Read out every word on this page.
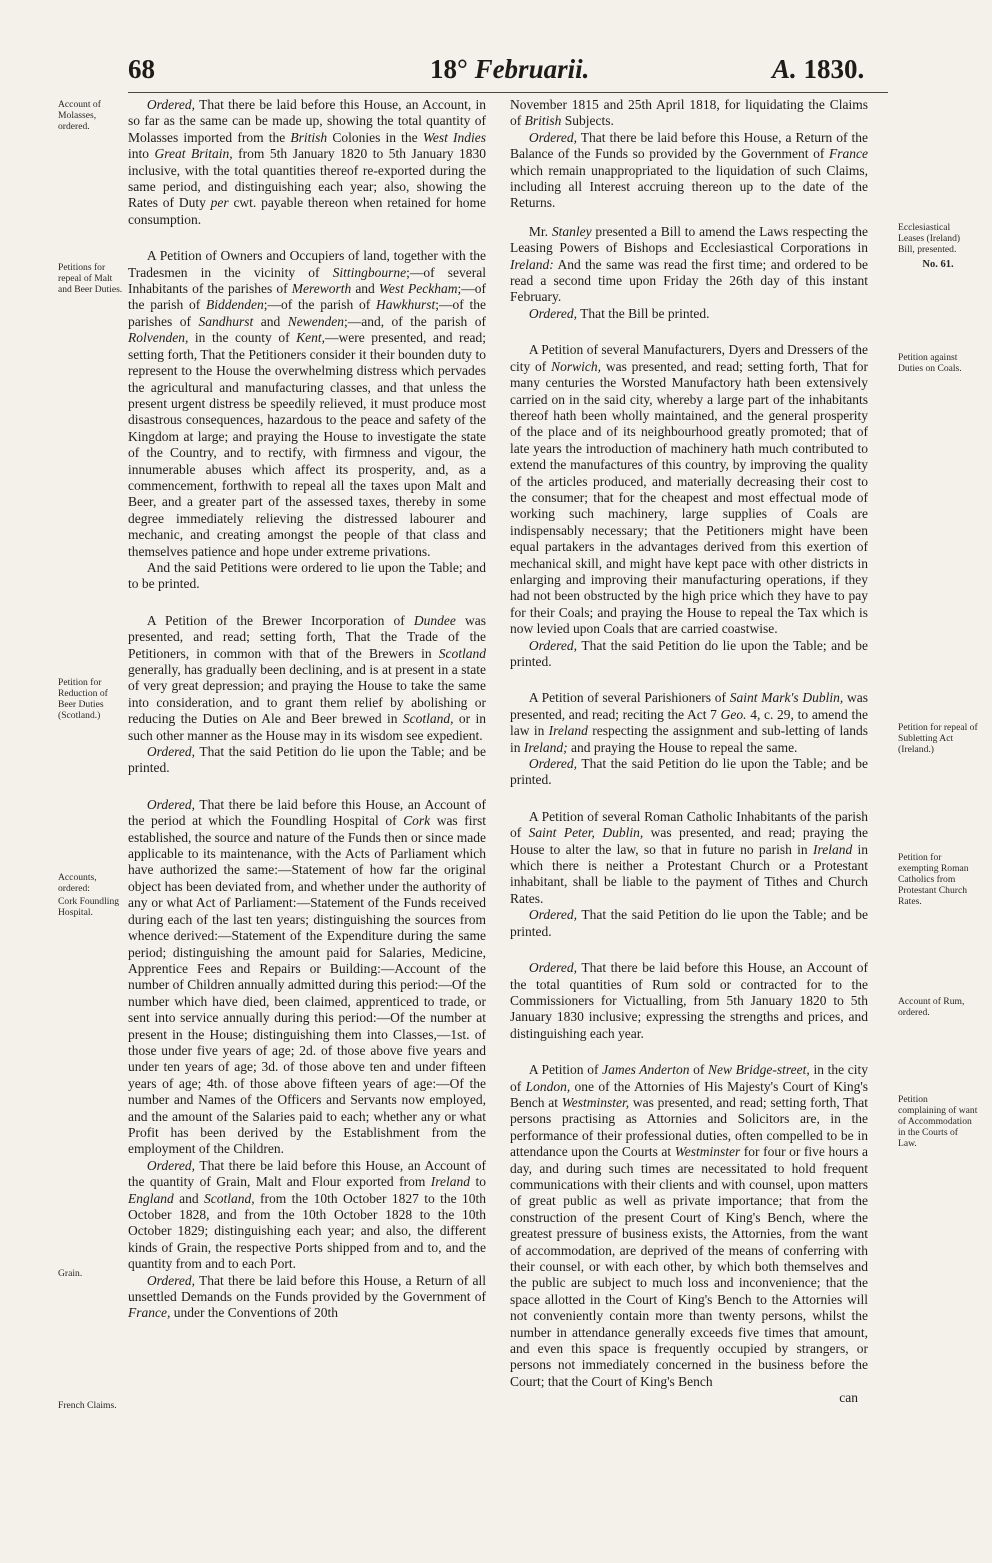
68	18° Februarii.	A. 1830.
Account of Molasses, ordered.
Petitions for repeal of Malt and Beer Duties.
Petition for Reduction of Beer Duties (Scotland.)
Accounts, ordered:
Cork Foundling Hospital.
Grain.
French Claims.
Ecclesiastical Leases (Ireland) Bill, presented.
No. 61.
Petition against Duties on Coals.
Petition for repeal of Subletting Act (Ireland.)
Petition for exempting Roman Catholics from Protestant Church Rates.
Account of Rum, ordered.
Petition complaining of want of Accommodation in the Courts of Law.

Ordered, That there be laid before this House, an Account, in so far as the same can be made up, showing the total quantity of Molasses imported from the British Colonies in the West Indies into Great Britain, from 5th January 1820 to 5th January 1830 inclusive, with the total quantities thereof re-exported during the same period, and distinguishing each year; also, showing the Rates of Duty per cwt. payable thereon when retained for home consumption.

A Petition of Owners and Occupiers of land, together with the Tradesmen in the vicinity of Sittingbourne;—of several Inhabitants of the parishes of Mereworth and West Peckham;—of the parish of Biddenden;—of the parish of Hawkhurst;—of the parishes of Sandhurst and Newenden;—and, of the parish of Rolvenden, in the county of Kent,—were presented, and read; setting forth, That the Petitioners consider it their bounden duty to represent to the House the overwhelming distress which pervades the agricultural and manufacturing classes, and that unless the present urgent distress be speedily relieved, it must produce most disastrous consequences, hazardous to the peace and safety of the Kingdom at large; and praying the House to investigate the state of the Country, and to rectify, with firmness and vigour, the innumerable abuses which affect its prosperity, and, as a commencement, forthwith to repeal all the taxes upon Malt and Beer, and a greater part of the assessed taxes, thereby in some degree immediately relieving the distressed labourer and mechanic, and creating amongst the people of that class and themselves patience and hope under extreme privations.

And the said Petitions were ordered to lie upon the Table; and to be printed.

A Petition of the Brewer Incorporation of Dundee was presented, and read; setting forth, That the Trade of the Petitioners, in common with that of the Brewers in Scotland generally, has gradually been declining, and is at present in a state of very great depression; and praying the House to take the same into consideration, and to grant them relief by abolishing or reducing the Duties on Ale and Beer brewed in Scotland, or in such other manner as the House may in its wisdom see expedient.

Ordered, That the said Petition do lie upon the Table; and be printed.

Ordered, That there be laid before this House, an Account of the period at which the Foundling Hospital of Cork was first established, the source and nature of the Funds then or since made applicable to its maintenance, with the Acts of Parliament which have authorized the same:—Statement of how far the original object has been deviated from, and whether under the authority of any or what Act of Parliament:—Statement of the Funds received during each of the last ten years; distinguishing the sources from whence derived:—Statement of the Expenditure during the same period; distinguishing the amount paid for Salaries, Medicine, Apprentice Fees and Repairs or Building:—Account of the number of Children annually admitted during this period:—Of the number which have died, been claimed, apprenticed to trade, or sent into service annually during this period:—Of the number at present in the House; distinguishing them into Classes,—1st. of those under five years of age; 2d. of those above five years and under ten years of age; 3d. of those above ten and under fifteen years of age; 4th. of those above fifteen years of age:—Of the number and Names of the Officers and Servants now employed, and the amount of the Salaries paid to each; whether any or what Profit has been derived by the Establishment from the employment of the Children.

Ordered, That there be laid before this House, an Account of the quantity of Grain, Malt and Flour exported from Ireland to England and Scotland, from the 10th October 1827 to the 10th October 1828, and from the 10th October 1828 to the 10th October 1829; distinguishing each year; and also, the different kinds of Grain, the respective Ports shipped from and to, and the quantity from and to each Port.

Ordered, That there be laid before this House, a Return of all unsettled Demands on the Funds provided by the Government of France, under the Conventions of 20th

November 1815 and 25th April 1818, for liquidating the Claims of British Subjects.

Ordered, That there be laid before this House, a Return of the Balance of the Funds so provided by the Government of France which remain unappropriated to the liquidation of such Claims, including all Interest accruing thereon up to the date of the Returns.

Mr. Stanley presented a Bill to amend the Laws respecting the Leasing Powers of Bishops and Ecclesiastical Corporations in Ireland: And the same was read the first time; and ordered to be read a second time upon Friday the 26th day of this instant February.

Ordered, That the Bill be printed.

A Petition of several Manufacturers, Dyers and Dressers of the city of Norwich, was presented, and read; setting forth, That for many centuries the Worsted Manufactory hath been extensively carried on in the said city, whereby a large part of the inhabitants thereof hath been wholly maintained, and the general prosperity of the place and of its neighbourhood greatly promoted; that of late years the introduction of machinery hath much contributed to extend the manufactures of this country, by improving the quality of the articles produced, and materially decreasing their cost to the consumer; that for the cheapest and most effectual mode of working such machinery, large supplies of Coals are indispensably necessary; that the Petitioners might have been equal partakers in the advantages derived from this exertion of mechanical skill, and might have kept pace with other districts in enlarging and improving their manufacturing operations, if they had not been obstructed by the high price which they have to pay for their Coals; and praying the House to repeal the Tax which is now levied upon Coals that are carried coastwise.

Ordered, That the said Petition do lie upon the Table; and be printed.

A Petition of several Parishioners of Saint Mark's Dublin, was presented, and read; reciting the Act 7 Geo. 4, c. 29, to amend the law in Ireland respecting the assignment and sub-letting of lands in Ireland; and praying the House to repeal the same.

Ordered, That the said Petition do lie upon the Table; and be printed.

A Petition of several Roman Catholic Inhabitants of the parish of Saint Peter, Dublin, was presented, and read; praying the House to alter the law, so that in future no parish in Ireland in which there is neither a Protestant Church or a Protestant inhabitant, shall be liable to the payment of Tithes and Church Rates.

Ordered, That the said Petition do lie upon the Table; and be printed.

Ordered, That there be laid before this House, an Account of the total quantities of Rum sold or contracted for to the Commissioners for Victualling, from 5th January 1820 to 5th January 1830 inclusive; expressing the strengths and prices, and distinguishing each year.

A Petition of James Anderton of New Bridge-street, in the city of London, one of the Attornies of His Majesty's Court of King's Bench at Westminster, was presented, and read; setting forth, That persons practising as Attornies and Solicitors are, in the performance of their professional duties, often compelled to be in attendance upon the Courts at Westminster for four or five hours a day, and during such times are necessitated to hold frequent communications with their clients and with counsel, upon matters of great public as well as private importance; that from the construction of the present Court of King's Bench, where the greatest pressure of business exists, the Attornies, from the want of accommodation, are deprived of the means of conferring with their counsel, or with each other, by which both themselves and the public are subject to much loss and inconvenience; that the space allotted in the Court of King's Bench to the Attornies will not conveniently contain more than twenty persons, whilst the number in attendance generally exceeds five times that amount, and even this space is frequently occupied by strangers, or persons not immediately concerned in the business before the Court; that the Court of King's Bench

can
